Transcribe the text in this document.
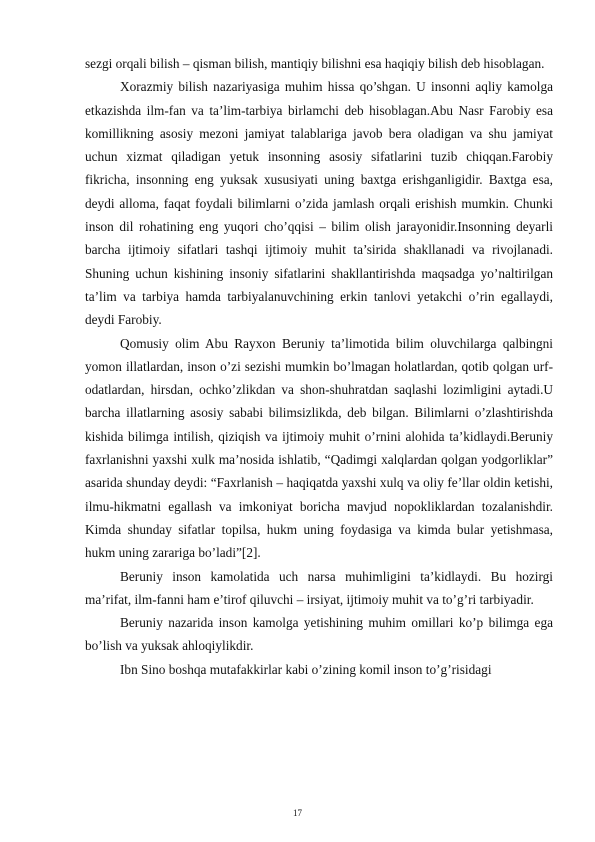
sezgi orqali bilish – qisman bilish, mantiqiy bilishni esa haqiqiy bilish deb hisoblagan.

Xorazmiy bilish nazariyasiga muhim hissa qo’shgan. U insonni aqliy kamolga etkazishda ilm-fan va ta’lim-tarbiya birlamchi deb hisoblagan.Abu Nasr Farobiy esa komillikning asosiy mezoni jamiyat talablariga javob bera oladigan va shu jamiyat uchun xizmat qiladigan yetuk insonning asosiy sifatlarini tuzib chiqqan.Farobiy fikricha, insonning eng yuksak xususiyati uning baxtga erishganligidir. Baxtga esa, deydi alloma, faqat foydali bilimlarni o’zida jamlash orqali erishish mumkin. Chunki inson dil rohatining eng yuqori cho’qqisi – bilim olish jarayonidir.Insonning deyarli barcha ijtimoiy sifatlari tashqi ijtimoiy muhit ta’sirida shakllanadi va rivojlanadi. Shuning uchun kishining insoniy sifatlarini shakllantirishda maqsadga yo’naltirilgan ta’lim va tarbiya hamda tarbiyalanuvchining erkin tanlovi yetakchi o’rin egallaydi, deydi Farobiy.

Qomusiy olim Abu Rayxon Beruniy ta’limotida bilim oluvchilarga qalbingni yomon illatlardan, inson o’zi sezishi mumkin bo’lmagan holatlardan, qotib qolgan urf-odatlardan, hirsdan, ochko’zlikdan va shon-shuhratdan saqlashi lozimligini aytadi.U barcha illatlarning asosiy sababi bilimsizlikda, deb bilgan. Bilimlarni o’zlashtirishda kishida bilimga intilish, qiziqish va ijtimoiy muhit o’rnini alohida ta’kidlaydi.Beruniy faxrlanishni yaxshi xulk ma’nosida ishlatib, “Qadimgi xalqlardan qolgan yodgorliklar” asarida shunday deydi: “Faxrlanish – haqiqatda yaxshi xulq va oliy fe’llar oldin ketishi, ilmu-hikmatni egallash va imkoniyat boricha mavjud nopokliklardan tozalanishdir. Kimda shunday sifatlar topilsa, hukm uning foydasiga va kimda bular yetishmasa, hukm uning zarariga bo’ladi”[2].

Beruniy inson kamolatida uch narsa muhimligini ta’kidlaydi. Bu hozirgi ma’rifat, ilm-fanni ham e’tirof qiluvchi – irsiyat, ijtimoiy muhit va to’g’ri tarbiyadir.

Beruniy nazarida inson kamolga yetishining muhim omillari ko’p bilimga ega bo’lish va yuksak ahloqiylikdir.

Ibn Sino boshqa mutafakkirlar kabi o’zining komil inson to’g’risidagi

17
